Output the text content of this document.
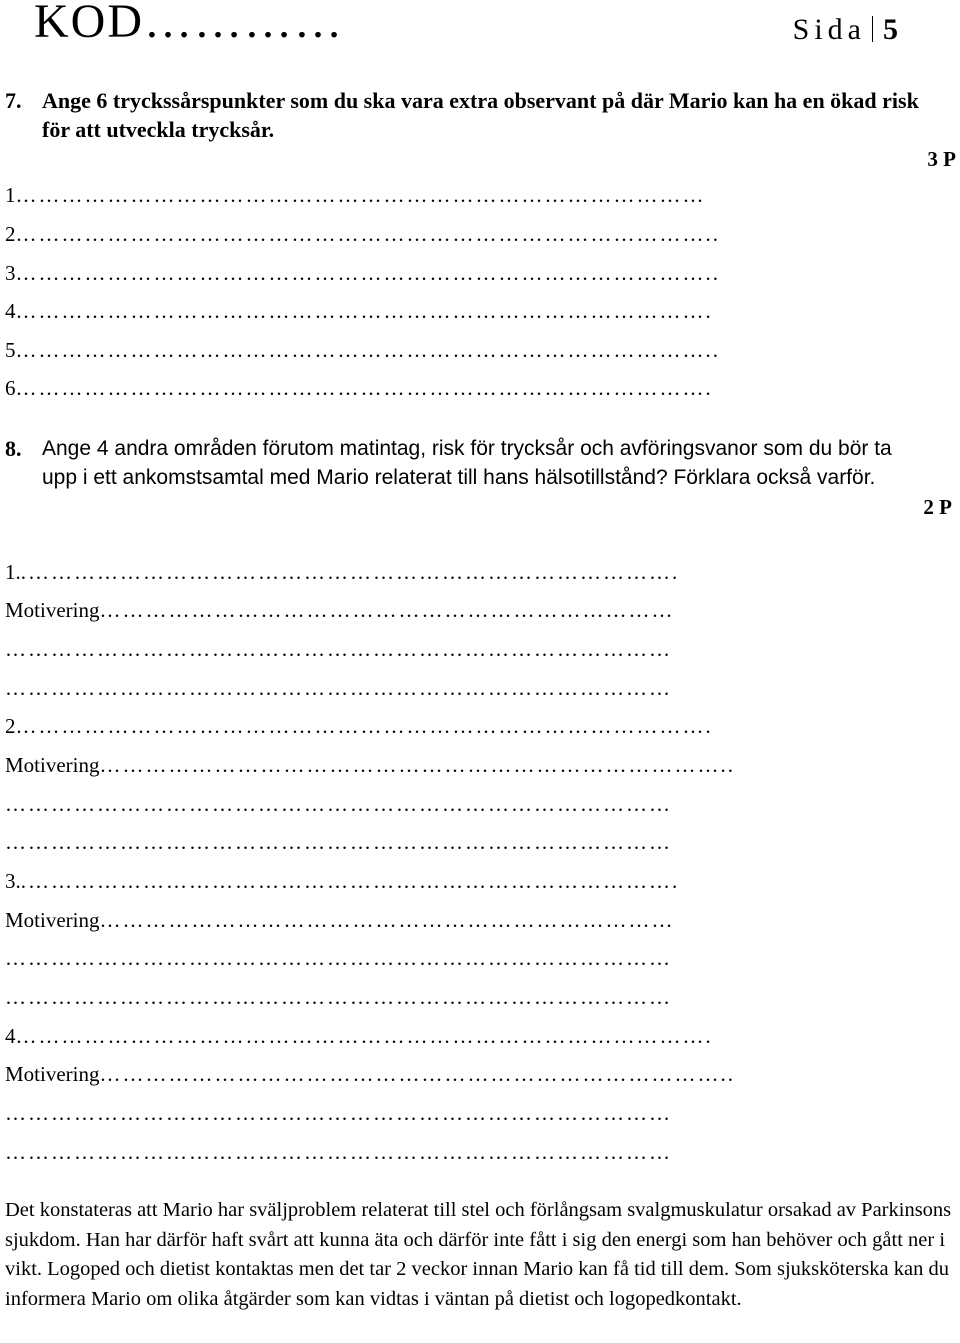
KOD…………	Sida 5
7. Ange 6 tryckssårspunkter som du ska vara extra observant på där Mario kan ha en ökad risk för att utveckla trycksår.
3 P
1………………………………………………………………………………
2………………………………………………………………………………..
3………………………………………………………………………………..
4……………………………………………………………………………….
5………………………………………………………………………………..
6……………………………………………………………………………….
8. Ange 4 andra områden förutom matintag, risk för trycksår och avföringsvanor som du bör ta upp i ett ankomstsamtal med Mario relaterat till hans hälsotillstånd? Förklara också varför.
2 P
1..………………………………………………………………………….
Motivering…………………………………………………………………
……………………………………………………………………………
……………………………………………………………………………
2……………………………………………………………………………….
Motivering………………………………………………………………………..
……………………………………………………………………………
……………………………………………………………………………
3..………………………………………………………………………….
Motivering…………………………………………………………………
……………………………………………………………………………
……………………………………………………………………………
4……………………………………………………………………………….
Motivering………………………………………………………………………..
……………………………………………………………………………
……………………………………………………………………………
Det konstateras att Mario har sväljproblem relaterat till stel och förlångsam svalgmuskulatur orsakad av Parkinsons sjukdom. Han har därför haft svårt att kunna äta och därför inte fått i sig den energi som han behöver och gått ner i vikt. Logoped och dietist kontaktas men det tar 2 veckor innan Mario kan få tid till dem. Som sjuksköterska kan du informera Mario om olika åtgärder som kan vidtas i väntan på dietist och logopedkontakt.
